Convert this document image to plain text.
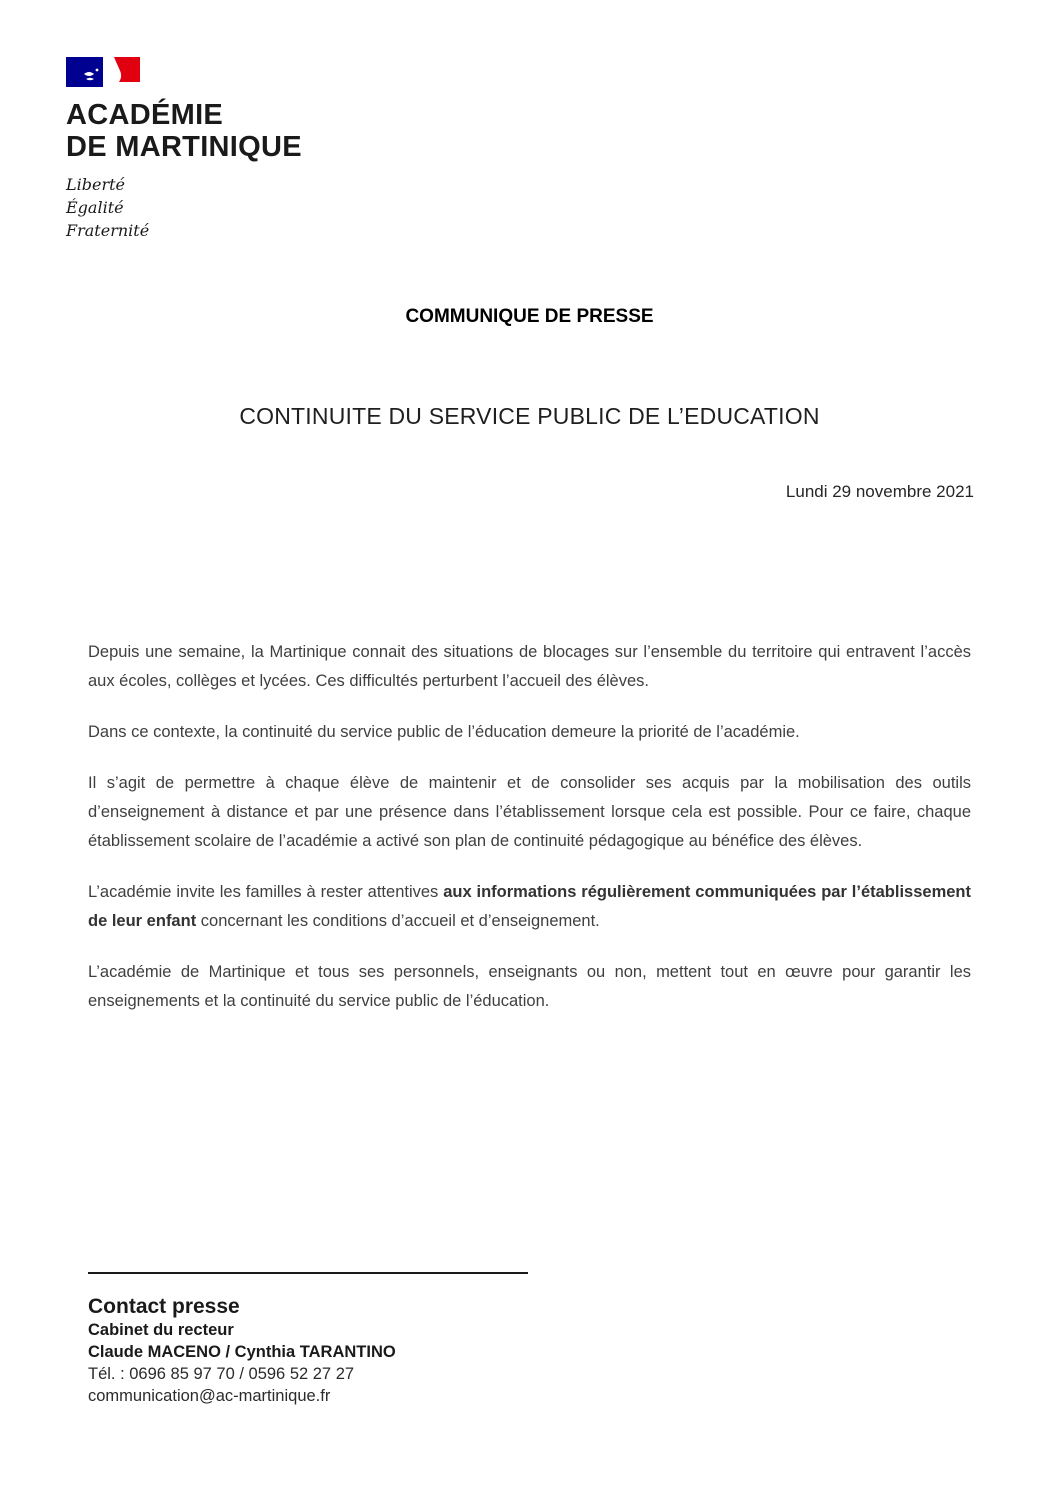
ACADÉMIE
DE MARTINIQUE
Liberté
Égalité
Fraternité
COMMUNIQUE DE PRESSE
CONTINUITE DU SERVICE PUBLIC DE L’EDUCATION
Lundi 29 novembre 2021

Depuis une semaine, la Martinique connait des situations de blocages sur l’ensemble du territoire qui entravent l’accès aux écoles, collèges et lycées. Ces difficultés perturbent l’accueil des élèves.

Dans ce contexte, la continuité du service public de l’éducation demeure la priorité de l’académie.

Il s’agit de permettre à chaque élève de maintenir et de consolider ses acquis par la mobilisation des outils d’enseignement à distance et par une présence dans l’établissement lorsque cela est possible. Pour ce faire, chaque établissement scolaire de l’académie a activé son plan de continuité pédagogique au bénéfice des élèves.

L’académie invite les familles à rester attentives aux informations régulièrement communiquées par l’établissement de leur enfant concernant les conditions d’accueil et d’enseignement.

L’académie de Martinique et tous ses personnels, enseignants ou non, mettent tout en œuvre pour garantir les enseignements et la continuité du service public de l’éducation.

Contact presse
Cabinet du recteur
Claude MACENO / Cynthia TARANTINO
Tél. : 0696 85 97 70 / 0596 52 27 27
communication@ac-martinique.fr
